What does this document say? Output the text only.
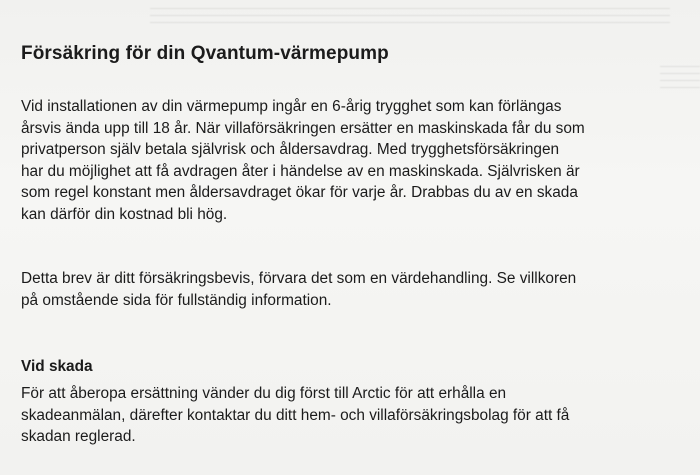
Försäkring för din Qvantum-värmepump

Vid installationen av din värmepump ingår en 6-årig trygghet som kan förlängas
årsvis ända upp till 18 år. När villaförsäkringen ersätter en maskinskada får du som
privatperson själv betala självrisk och åldersavdrag. Med trygghetsförsäkringen
har du möjlighet att få avdragen åter i händelse av en maskinskada. Självrisken är
som regel konstant men åldersavdraget ökar för varje år. Drabbas du av en skada
kan därför din kostnad bli hög.

Detta brev är ditt försäkringsbevis, förvara det som en värdehandling. Se villkoren
på omstående sida för fullständig information.

Vid skada

För att åberopa ersättning vänder du dig först till Arctic för att erhålla en
skadeanmälan, därefter kontaktar du ditt hem- och villaförsäkringsbolag för att få
skadan reglerad.
